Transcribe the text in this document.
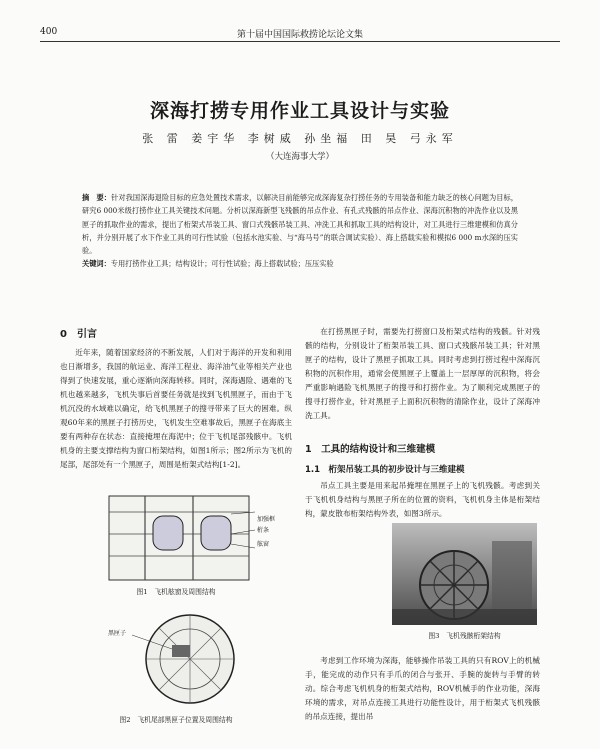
400	第十届中国国际救捞论坛论文集
深海打捞专用作业工具设计与实验
张 雷 姜宇华 李树威 孙坐福 田 昊 弓永军
（大连海事大学）
摘　要：针对我国深海退险目标的应急处置技术需求，以解决目前能够完成深海复杂打捞任务的专用装备和能力缺乏的核心问题为目标，研究6 000米级打捞作业工具关键技术问题。分析以深海新型飞残骸的吊点作业、有孔式残骸的吊点作业、深海沉积物的冲洗作业以及黑匣子的抓取作业的需求，提出了桁架式吊装工具、窗口式残骸吊装工具、冲洗工具和抓取工具的结构设计，对工具进行三维建模和仿真分析，并分别开展了水下作业工具的可行性试验（包括水池实验、与“海马号”的联合调试实验）、海上搭载实验和模拟6 000 m水深的压实验。
关键词：专用打捞作业工具；结构设计；可行性试验；海上搭载试验；压压实验
0　引言
近年来，随着国家经济的不断发展，人们对于海洋的开发和利用也日渐增多，我国的航运业、海洋工程业、海洋油气业等相关产业也得到了快速发展，重心逐渐向深海转移。同时，深海遇险、遇难的飞机也越来越多，飞机失事后首要任务就是找到飞机黑匣子，而由于飞机沉没的水域难以确定，给飞机黑匣子的搜寻带来了巨大的困难。纵观60年来的黑匣子打捞历史，飞机发生空难事故后，黑匣子在海底主要有两种存在状态：直接掩埋在海泥中；位于飞机尾部残骸中。飞机机身的主要支撑结构为窗口桁架结构，如图1所示；图2所示为飞机的尾部，尾部处有一个黑匣子，周围是桁架式结构[1-2]。
加强框
桁条
舷窗
图1　飞机舷窗及周围结构
黑匣子
图2　飞机尾部黑匣子位置及周围结构
在打捞黑匣子时，需要先打捞窗口及桁架式结构的残骸。针对残骸的结构，分别设计了桁架吊装工具、窗口式残骸吊装工具；针对黑匣子的结构，设计了黑匣子抓取工具。同时考虑到打捞过程中深海沉积物的沉积作用，通常会使黑匣子上覆盖上一层厚厚的沉积物，将会严重影响遇险飞机黑匣子的搜寻和打捞作业。为了顺利完成黑匣子的搜寻打捞作业，针对黑匣子上面积沉积物的清除作业，设计了深海冲洗工具。
1　工具的结构设计和三维建模
1.1　桁架吊装工具的初步设计与三维建模
吊点工具主要是用来起吊掩埋在黑匣子上的飞机残骸。考虑到关于飞机机身结构与黑匣子所在的位置的资料，飞机机身主体是桁架结构，蒙皮散布桁架结构外表，如图3所示。
图3　飞机残骸桁架结构
考虑到工作环境为深海，能够操作吊装工具的只有ROV上的机械手，能完成的动作只有手爪的闭合与张开、手腕的旋转与手臂的转动。综合考虑飞机机身的桁架式结构，ROV机械手的作业功能，深海环境的需求，对吊点连接工具进行功能性设计，用于桁架式飞机残骸的吊点连接，提出吊
